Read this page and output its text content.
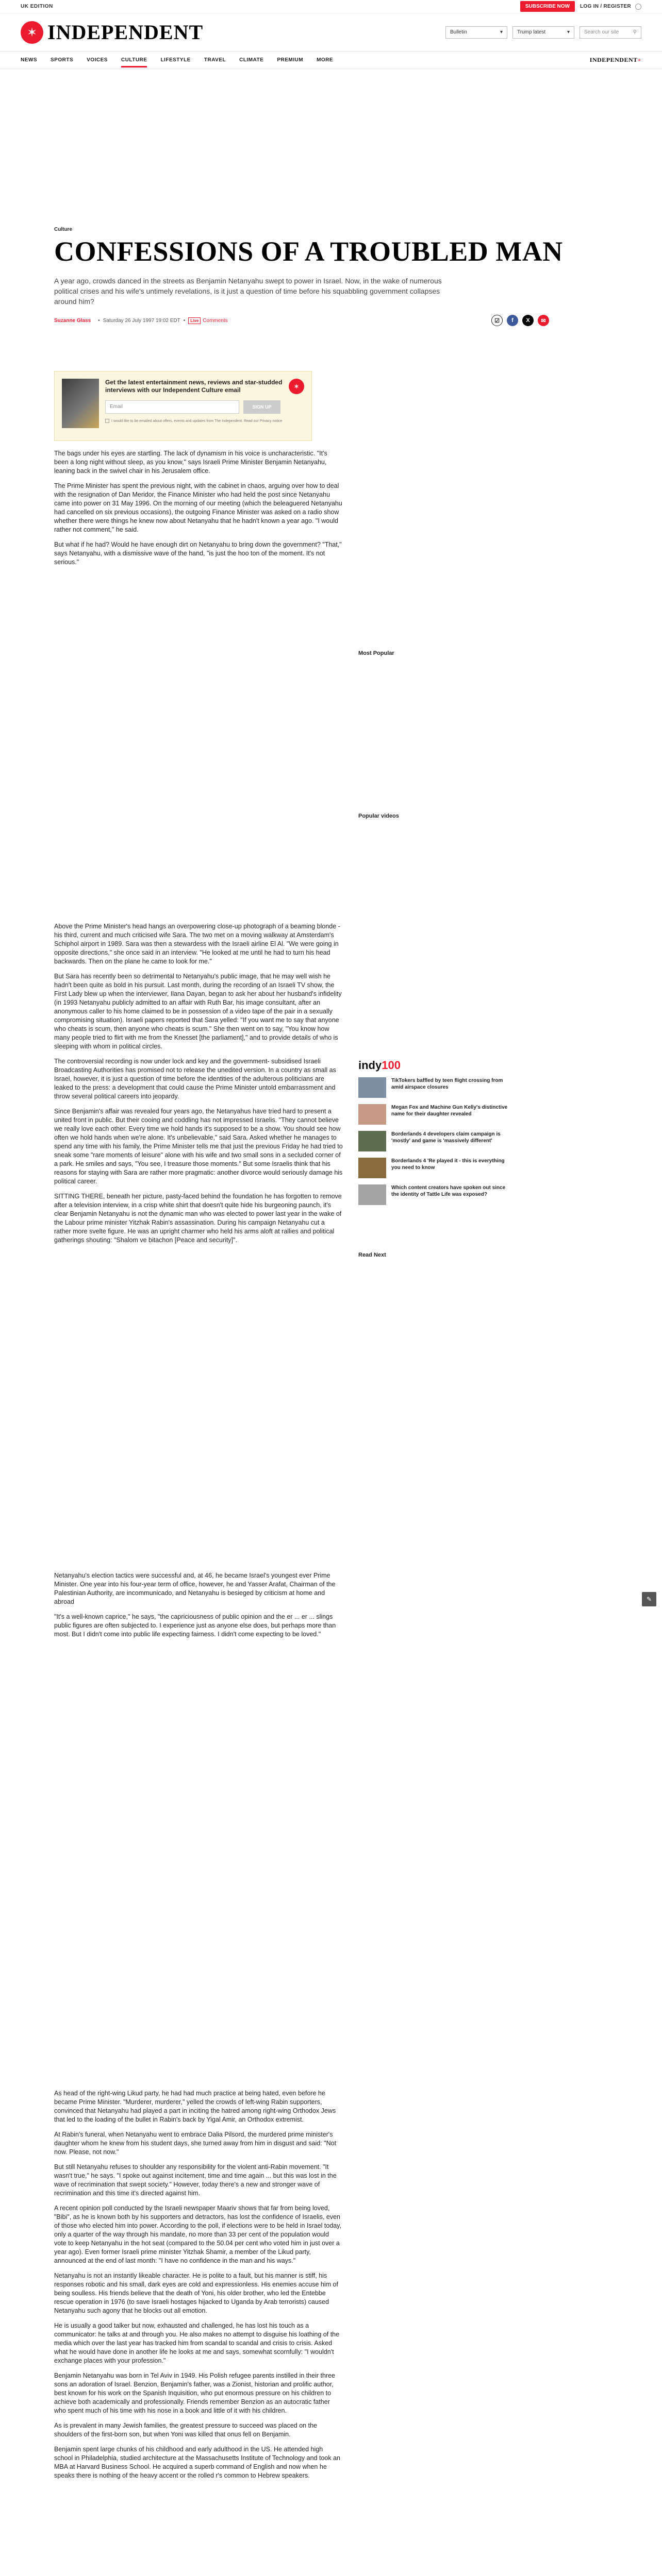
UK EDITION	SUBSCRIBE NOW	LOG IN / REGISTER
✶ INDEPENDENT	Bulletin	▾	Trump latest	▾	Search our site	⚲
NEWS	SPORTS	VOICES	CULTURE	LIFESTYLE	TRAVEL	CLIMATE	PREMIUM	MORE	INDEPENDENT+
Culture
CONFESSIONS OF A TROUBLED MAN

A year ago, crowds danced in the streets as Benjamin Netanyahu swept to power in Israel. Now, in the wake of numerous political crises and his wife's untimely revelations, is it just a question of time before his squabbling government collapses around him?

Suzanne Glass • Saturday 26 July 1997 19:02 EDT •	Live Comments	☑	f	X	✉
Get the latest entertainment news, reviews and star-studded interviews with our Independent Culture email
Email	SIGN UP
I would like to be emailed about offers, events and updates from The Independent. Read our Privacy notice
✶

The bags under his eyes are startling. The lack of dynamism in his voice is uncharacteristic. "It's been a long night without sleep, as you know," says Israeli Prime Minister Benjamin Netanyahu, leaning back in the swivel chair in his Jerusalem office.

The Prime Minister has spent the previous night, with the cabinet in chaos, arguing over how to deal with the resignation of Dan Meridor, the Finance Minister who had held the post since Netanyahu came into power on 31 May 1996. On the morning of our meeting (which the beleaguered Netanyahu had cancelled on six previous occasions), the outgoing Finance Minister was asked on a radio show whether there were things he knew now about Netanyahu that he hadn't known a year ago. "I would rather not comment," he said.

But what if he had? Would he have enough dirt on Netanyahu to bring down the government? "That," says Netanyahu, with a dismissive wave of the hand, "is just the hoo ton of the moment. It's not serious."

Above the Prime Minister's head hangs an overpowering close-up photograph of a beaming blonde - his third, current and much criticised wife Sara. The two met on a moving walkway at Amsterdam's Schiphol airport in 1989. Sara was then a stewardess with the Israeli airline El Al. "We were going in opposite directions," she once said in an interview. "He looked at me until he had to turn his head backwards. Then on the plane he came to look for me."

But Sara has recently been so detrimental to Netanyahu's public image, that he may well wish he hadn't been quite as bold in his pursuit. Last month, during the recording of an Israeli TV show, the First Lady blew up when the interviewer, Ilana Dayan, began to ask her about her husband's infidelity (in 1993 Netanyahu publicly admitted to an affair with Ruth Bar, his image consultant, after an anonymous caller to his home claimed to be in possession of a video tape of the pair in a sexually compromising situation). Israeli papers reported that Sara yelled: "If you want me to say that anyone who cheats is scum, then anyone who cheats is scum." She then went on to say, "You know how many people tried to flirt with me from the Knesset [the parliament]," and to provide details of who is sleeping with whom in political circles.

The controversial recording is now under lock and key and the government- subsidised Israeli Broadcasting Authorities has promised not to release the unedited version. In a country as small as Israel, however, it is just a question of time before the identities of the adulterous politicians are leaked to the press: a development that could cause the Prime Minister untold embarrassment and throw several political careers into jeopardy.

Since Benjamin's affair was revealed four years ago, the Netanyahus have tried hard to present a united front in public. But their cooing and coddling has not impressed Israelis. "They cannot believe we really love each other. Every time we hold hands it's supposed to be a show. You should see how often we hold hands when we're alone. It's unbelievable," said Sara. Asked whether he manages to spend any time with his family, the Prime Minister tells me that just the previous Friday he had tried to sneak some "rare moments of leisure" alone with his wife and two small sons in a secluded corner of a park. He smiles and says, "You see, I treasure those moments." But some Israelis think that his reasons for staying with Sara are rather more pragmatic: another divorce would seriously damage his political career.

SITTING THERE, beneath her picture, pasty-faced behind the foundation he has forgotten to remove after a television interview, in a crisp white shirt that doesn't quite hide his burgeoning paunch, it's clear Benjamin Netanyahu is not the dynamic man who was elected to power last year in the wake of the Labour prime minister Yitzhak Rabin's assassination. During his campaign Netanyahu cut a rather more svelte figure. He was an upright charmer who held his arms aloft at rallies and political gatherings shouting: "Shalom ve bitachon [Peace and security]".

Netanyahu's election tactics were successful and, at 46, he became Israel's youngest ever Prime Minister. One year into his four-year term of office, however, he and Yasser Arafat, Chairman of the Palestinian Authority, are incommunicado, and Netanyahu is besieged by criticism at home and abroad

"It's a well-known caprice," he says, "the capriciousness of public opinion and the er ... er ... slings public figures are often subjected to. I experience just as anyone else does, but perhaps more than most. But I didn't come into public life expecting fairness. I didn't come expecting to be loved."

As head of the right-wing Likud party, he had had much practice at being hated, even before he became Prime Minister. "Murderer, murderer," yelled the crowds of left-wing Rabin supporters, convinced that Netanyahu had played a part in inciting the hatred among right-wing Orthodox Jews that led to the loading of the bullet in Rabin's back by Yigal Amir, an Orthodox extremist.

At Rabin's funeral, when Netanyahu went to embrace Dalia Pilsord, the murdered prime minister's daughter whom he knew from his student days, she turned away from him in disgust and said: "Not now. Please, not now."

But still Netanyahu refuses to shoulder any responsibility for the violent anti-Rabin movement. "It wasn't true," he says. "I spoke out against incitement, time and time again ... but this was lost in the wave of recrimination that swept society." However, today there's a new and stronger wave of recrimination and this time it's directed against him.

A recent opinion poll conducted by the Israeli newspaper Maariv shows that far from being loved, "Bibi", as he is known both by his supporters and detractors, has lost the confidence of Israelis, even of those who elected him into power. According to the poll, if elections were to be held in Israel today, only a quarter of the way through his mandate, no more than 33 per cent of the population would vote to keep Netanyahu in the hot seat (compared to the 50.04 per cent who voted him in just over a year ago). Even former Israeli prime minister Yitzhak Shamir, a member of the Likud party, announced at the end of last month: "I have no confidence in the man and his ways."

Netanyahu is not an instantly likeable character. He is polite to a fault, but his manner is stiff, his responses robotic and his small, dark eyes are cold and expressionless. His enemies accuse him of being soulless. His friends believe that the death of Yoni, his older brother, who led the Entebbe rescue operation in 1976 (to save Israeli hostages hijacked to Uganda by Arab terrorists) caused Netanyahu such agony that he blocks out all emotion.

He is usually a good talker but now, exhausted and challenged, he has lost his touch as a communicator: he talks at and through you. He also makes no attempt to disguise his loathing of the media which over the last year has tracked him from scandal to scandal and crisis to crisis. Asked what he would have done in another life he looks at me and says, somewhat scornfully: "I wouldn't exchange places with your profession."

Benjamin Netanyahu was born in Tel Aviv in 1949. His Polish refugee parents instilled in their three sons an adoration of Israel. Benzion, Benjamin's father, was a Zionist, historian and prolific author, best known for his work on the Spanish Inquisition, who put enormous pressure on his children to achieve both academically and professionally. Friends remember Benzion as an autocratic father who spent much of his time with his nose in a book and little of it with his children.

As is prevalent in many Jewish families, the greatest pressure to succeed was placed on the shoulders of the first-born son, but when Yoni was killed that onus fell on Benjamin.

Benjamin spent large chunks of his childhood and early adulthood in the US. He attended high school in Philadelphia, studied architecture at the Massachusetts Institute of Technology and took an MBA at Harvard Business School. He acquired a superb command of English and now when he speaks there is nothing of the heavy accent or the rolled r's common to Hebrew speakers.

Most Popular
Popular videos
indy100
TikTokers baffled by teen flight crossing from amid airspace closures
Megan Fox and Machine Gun Kelly's distinctive name for their daughter revealed
Borderlands 4 developers claim campaign is 'mostly' and game is 'massively different'
Borderlands 4 'Re played it - this is everything you need to know
Which content creators have spoken out since the identity of Tattle Life was exposed?
Read Next
✎
